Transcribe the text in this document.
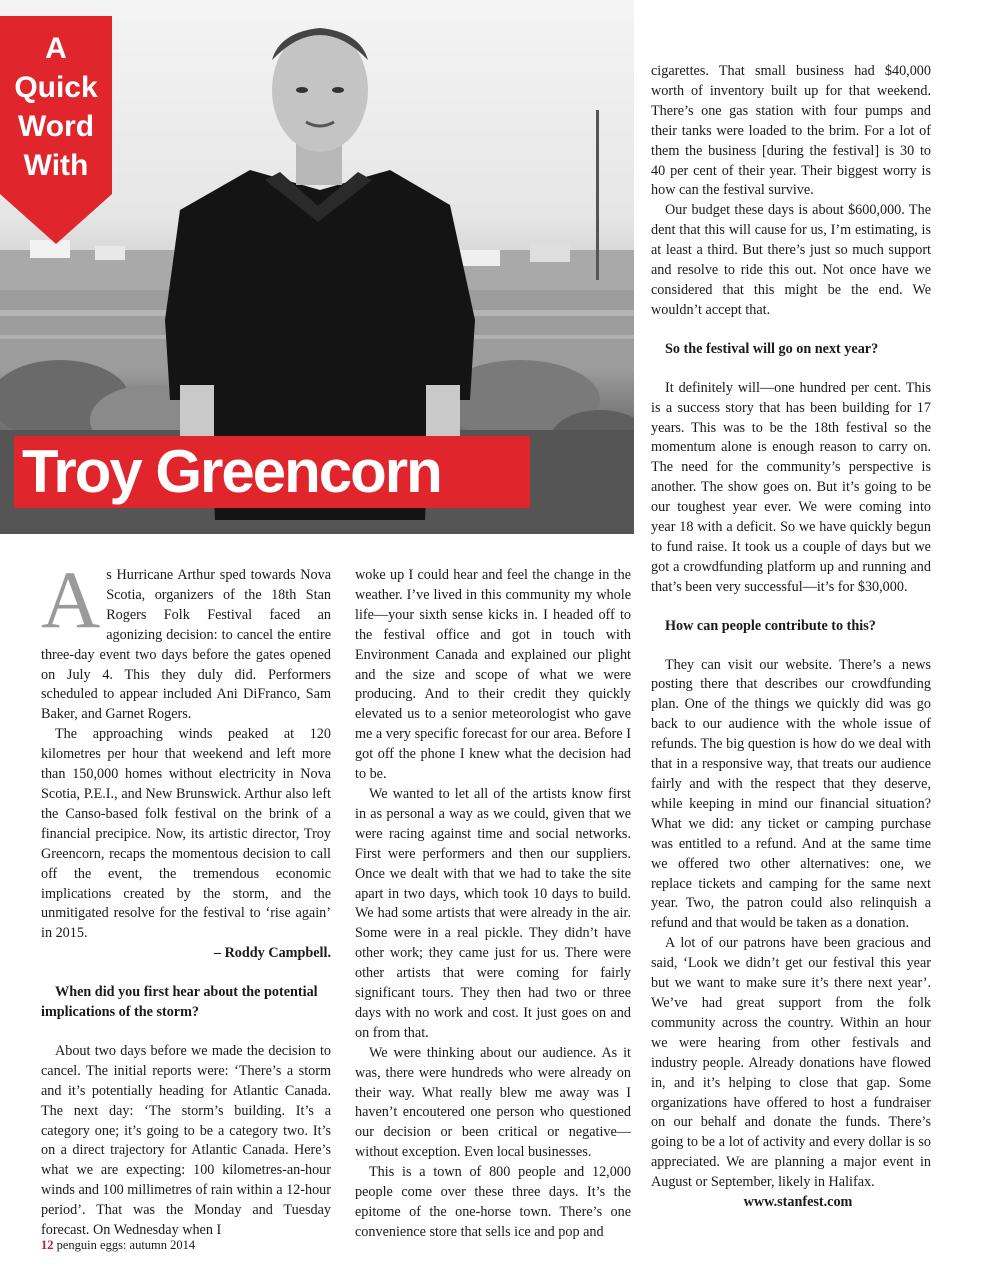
A
Quick
Word
With
Troy Greencorn

As Hurricane Arthur sped towards Nova Scotia, organizers of the 18th Stan Rogers Folk Festival faced an agonizing decision: to cancel the entire three-day event two days before the gates opened on July 4. This they duly did. Performers scheduled to appear included Ani DiFranco, Sam Baker, and Garnet Rogers.

The approaching winds peaked at 120 kilometres per hour that weekend and left more than 150,000 homes without electricity in Nova Scotia, P.E.I., and New Brunswick. Arthur also left the Canso-based folk festival on the brink of a financial precipice. Now, its artistic director, Troy Greencorn, recaps the momentous decision to call off the event, the tremendous economic implications created by the storm, and the unmitigated resolve for the festival to ‘rise again’ in 2015.

– Roddy Campbell.

When did you first hear about the potential implications of the storm?

About two days before we made the decision to cancel. The initial reports were: ‘There’s a storm and it’s potentially heading for Atlantic Canada. The next day: ‘The storm’s building. It’s a category one; it’s going to be a category two. It’s on a direct trajectory for Atlantic Canada. Here’s what we are expecting: 100 kilometres-an-hour winds and 100 millimetres of rain within a 12-hour period’. That was the Monday and Tuesday forecast. On Wednesday when I

woke up I could hear and feel the change in the weather. I’ve lived in this community my whole life—your sixth sense kicks in. I headed off to the festival office and got in touch with Environment Canada and explained our plight and the size and scope of what we were producing. And to their credit they quickly elevated us to a senior meteorologist who gave me a very specific forecast for our area. Before I got off the phone I knew what the decision had to be.

We wanted to let all of the artists know first in as personal a way as we could, given that we were racing against time and social networks. First were performers and then our suppliers. Once we dealt with that we had to take the site apart in two days, which took 10 days to build. We had some artists that were already in the air. Some were in a real pickle. They didn’t have other work; they came just for us. There were other artists that were coming for fairly significant tours. They then had two or three days with no work and cost. It just goes on and on from that.

We were thinking about our audience. As it was, there were hundreds who were already on their way. What really blew me away was I haven’t encoutered one person who questioned our decision or been critical or negative—without exception. Even local businesses.

This is a town of 800 people and 12,000 people come over these three days. It’s the epitome of the one-horse town. There’s one convenience store that sells ice and pop and

cigarettes. That small business had $40,000 worth of inventory built up for that weekend. There’s one gas station with four pumps and their tanks were loaded to the brim. For a lot of them the business [during the festival] is 30 to 40 per cent of their year. Their biggest worry is how can the festival survive.

Our budget these days is about $600,000. The dent that this will cause for us, I’m estimating, is at least a third. But there’s just so much support and resolve to ride this out. Not once have we considered that this might be the end. We wouldn’t accept that.

So the festival will go on next year?

It definitely will—one hundred per cent. This is a success story that has been building for 17 years. This was to be the 18th festival so the momentum alone is enough reason to carry on. The need for the community’s perspective is another. The show goes on. But it’s going to be our toughest year ever. We were coming into year 18 with a deficit. So we have quickly begun to fund raise. It took us a couple of days but we got a crowdfunding platform up and running and that’s been very successful—it’s for $30,000.

How can people contribute to this?

They can visit our website. There’s a news posting there that describes our crowdfunding plan. One of the things we quickly did was go back to our audience with the whole issue of refunds. The big question is how do we deal with that in a responsive way, that treats our audience fairly and with the respect that they deserve, while keeping in mind our financial situation? What we did: any ticket or camping purchase was entitled to a refund. And at the same time we offered two other alternatives: one, we replace tickets and camping for the same next year. Two, the patron could also relinquish a refund and that would be taken as a donation.

A lot of our patrons have been gracious and said, ‘Look we didn’t get our festival this year but we want to make sure it’s there next year’. We’ve had great support from the folk community across the country. Within an hour we were hearing from other festivals and industry people. Already donations have flowed in, and it’s helping to close that gap. Some organizations have offered to host a fundraiser on our behalf and donate the funds. There’s going to be a lot of activity and every dollar is so appreciated. We are planning a major event in August or September, likely in Halifax.

www.stanfest.com

12 penguin eggs: autumn 2014
